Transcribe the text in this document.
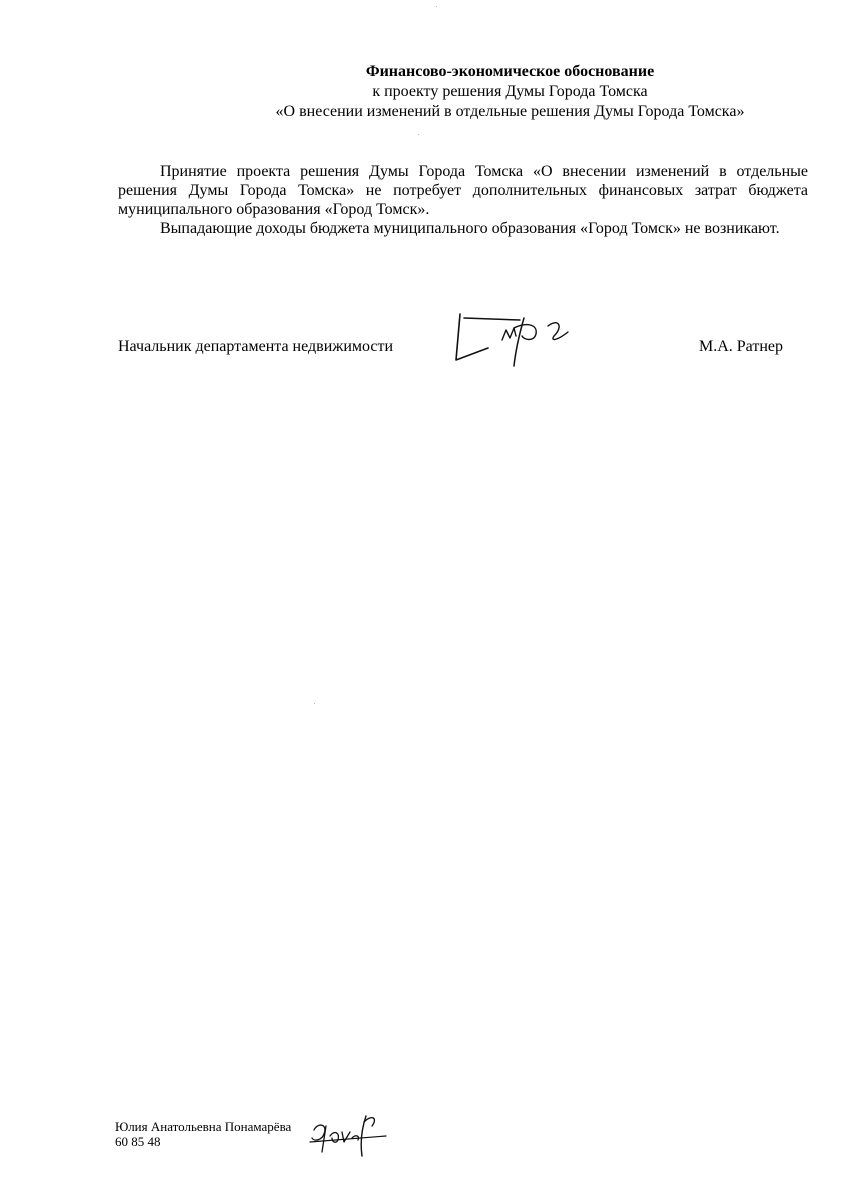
Финансово-экономическое обоснование
к проекту решения Думы Города Томска
«О внесении изменений в отдельные решения Думы Города Томска»

Принятие проекта решения Думы Города Томска «О внесении изменений в отдельные решения Думы Города Томска» не потребует дополнительных финансовых затрат бюджета муниципального образования «Город Томск».

Выпадающие доходы бюджета муниципального образования «Город Томск» не возникают.

Начальник департамента недвижимости	М.А. Ратнер
Юлия Анатольевна Понамарёва
60 85 48
